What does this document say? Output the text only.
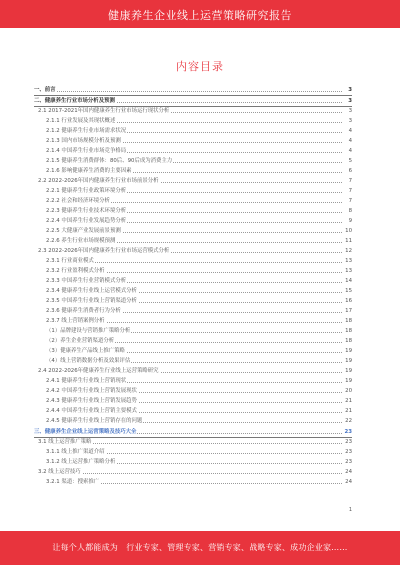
健康养生企业线上运营策略研究报告
内容目录
一、前言	3
二、健康养生行业市场分析及预测	3
2.1 2017-2021年国内健康养生行业市场运行现状分析	3
2.1.1 行业发展及其现状概述	3
2.1.2 健康养生行业市场需求状况	4
2.1.3 国内市场规模分析及预测	4
2.1.4 中国养生行业市场竞争格局	4
2.1.5 健康养生消费群体：80后、90后成为消费主力	5
2.1.6 影响健康养生消费的主要因素	6
2.2 2022-2026年国内健康养生行业市场前景分析	7
2.2.1 健康养生行业政策环境分析	7
2.2.2 社会和经济环境分析	7
2.2.3 健康养生行业技术环境分析	8
2.2.4 中国养生行业发展趋势分析	9
2.2.5 大健康产业发展前景预测	10
2.2.6 养生行业市场规模预测	11
2.3 2022-2026年国内健康养生行业市场运营模式分析	12
2.3.1 行业商业模式	13
2.3.2 行业盈利模式分析	13
2.3.3 中国养生行业营销模式分析	14
2.3.4 健康养生行业线上运营模式分析	15
2.3.5 中国养生行业线上营销渠道分析	16
2.3.6 健康养生消费者行为分析	17
2.3.7 线上营销案例分析	18
（1）品牌建设与营销推广策略分析	18
（2）养生企业营销渠道分析	18
（3）健康养生产品线上推广策略	19
（4）线上营销数据分析及效果评估	19
2.4 2022-2026年健康养生行业线上运营策略研究	19
2.4.1 健康养生行业线上营销现状	19
2.4.2 中国养生行业线上营销发展现状	20
2.4.3 健康养生行业线上营销发展趋势	21
2.4.4 中国养生行业线上营销主要模式	21
2.4.5 健康养生行业线上营销存在的问题	22
三、健康养生企业线上运营策略及技巧大全	23
3.1 线上运营推广策略	23
3.1.1 线上推广渠道介绍	23
3.1.2 线上运营推广策略分析	23
3.2 线上运营技巧	24
3.2.1 渠道：搜索推广	24
1
让每个人都能成为　行业专家、管理专家、营销专家、战略专家、成功企业家……
